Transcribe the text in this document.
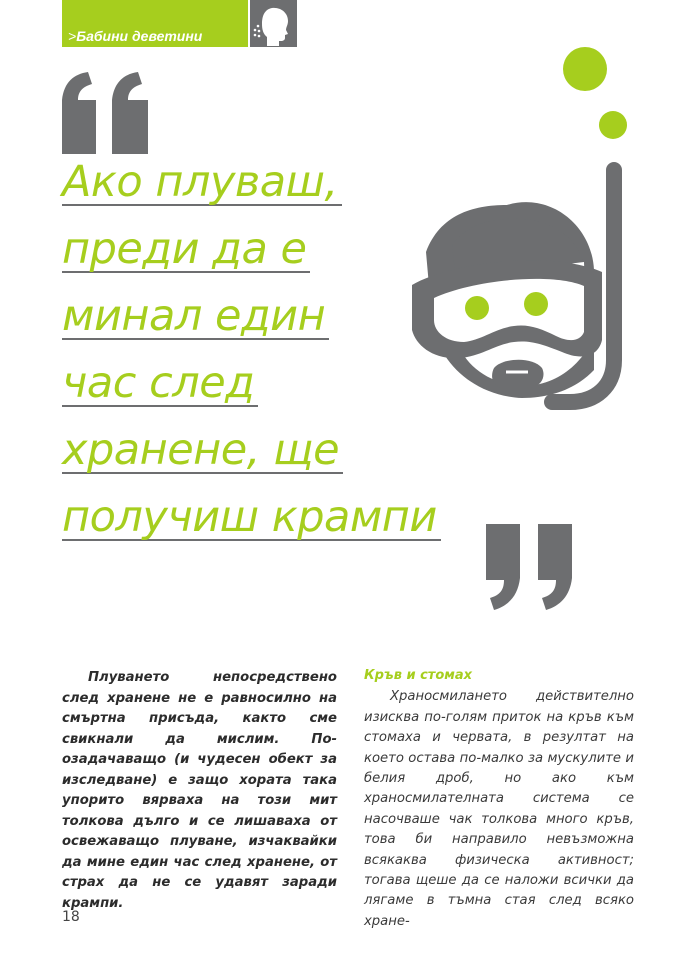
>Бабини деветини
Ако плуваш,
преди да е
минал един
час след
хранене, ще
получиш крампи

Плуването непосредствено след хранене не е равносилно на смъртна присъда, както сме свикнали да мислим. По-озадачаващо (и чудесен обект за изследване) е защо хората така упорито вярваха на този мит толкова дълго и се лишаваха от освежаващо плуване, изчаквайки да мине един час след хранене, от страх да не се удавят заради крампи.

Кръв и стомах

Храносмилането действително изисква по-голям приток на кръв към стомаха и червата, в резултат на което остава по-малко за мускулите и белия дроб, но ако към храносмилателната система се насочваше чак толкова много кръв, това би направило невъзможна всякаква физическа активност; тогава щеше да се наложи всички да лягаме в тъмна стая след всяко хране-

18
